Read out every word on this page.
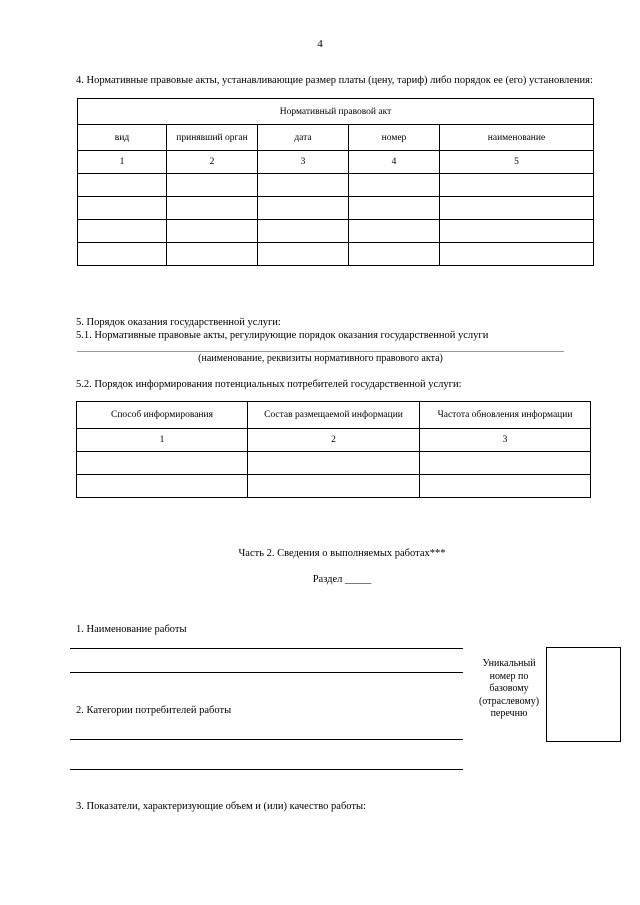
4
4. Нормативные правовые акты, устанавливающие размер платы (цену, тариф) либо порядок ее (его) установления:
Нормативный правовой акт				
вид	принявший орган	дата	номер	наименование
1	2	3	4	5

5. Порядок оказания государственной услуги:
5.1. Нормативные правовые акты, регулирующие порядок оказания государственной услуги
(наименование, реквизиты нормативного правового акта)
5.2. Порядок информирования потенциальных потребителей государственной услуги:
Способ информирования	Состав размещаемой информации	Частота обновления информации
1	2	3

Часть 2. Сведения о выполняемых работах***
Раздел _____
1. Наименование работы
Уникальный
номер по
базовому
(отраслевому)
перечню
2. Категории потребителей работы
3. Показатели, характеризующие объем и (или) качество работы:
